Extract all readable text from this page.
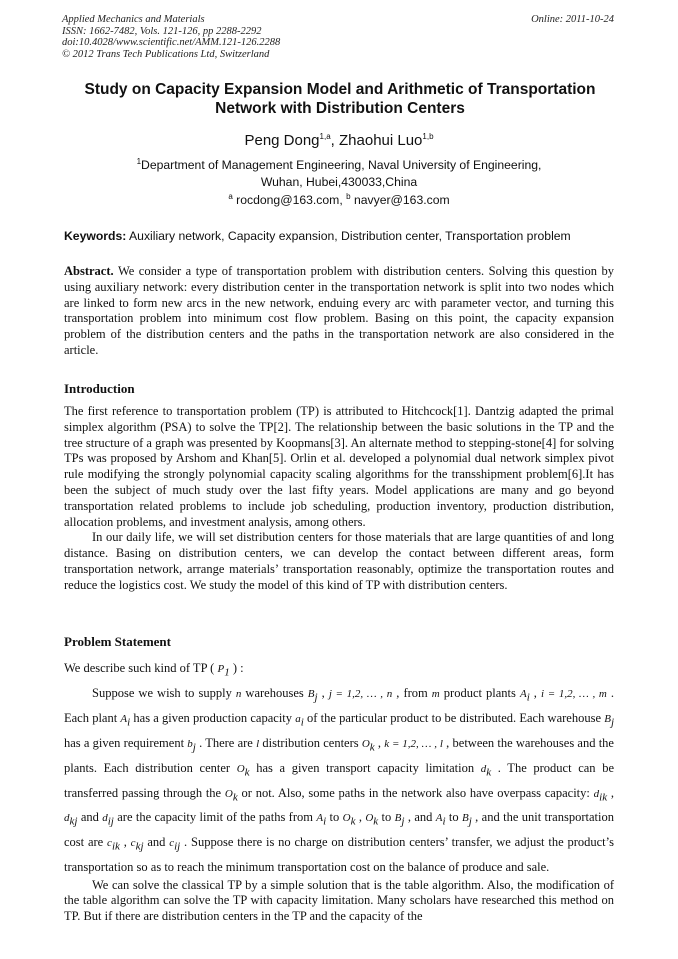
Applied Mechanics and Materials
ISSN: 1662-7482, Vols. 121-126, pp 2288-2292
doi:10.4028/www.scientific.net/AMM.121-126.2288
© 2012 Trans Tech Publications Ltd, Switzerland
Online: 2011-10-24
Study on Capacity Expansion Model and Arithmetic of Transportation Network with Distribution Centers
Peng Dong$^{1,a}$, Zhaohui Luo$^{1,b}$
$^1$Department of Management Engineering, Naval University of Engineering,
Wuhan, Hubei,430033,China
$^a$ rocdong@163.com, $^b$ navyer@163.com
Keywords: Auxiliary network, Capacity expansion, Distribution center, Transportation problem

Abstract. We consider a type of transportation problem with distribution centers. Solving this question by using auxiliary network: every distribution center in the transportation network is split into two nodes which are linked to form new arcs in the new network, enduing every arc with parameter vector, and turning this transportation problem into minimum cost flow problem. Basing on this point, the capacity expansion problem of the distribution centers and the paths in the transportation network are also considered in the article.

Introduction

The first reference to transportation problem (TP) is attributed to Hitchcock[1]. Dantzig adapted the primal simplex algorithm (PSA) to solve the TP[2]. The relationship between the basic solutions in the TP and the tree structure of a graph was presented by Koopmans[3]. An alternate method to stepping-stone[4] for solving TPs was proposed by Arshom and Khan[5]. Orlin et al. developed a polynomial dual network simplex pivot rule modifying the strongly polynomial capacity scaling algorithms for the transshipment problem[6].It has been the subject of much study over the last fifty years. Model applications are many and go beyond transportation related problems to include job scheduling, production inventory, production distribution, allocation problems, and investment analysis, among others.

In our daily life, we will set distribution centers for those materials that are large quantities of and long distance. Basing on distribution centers, we can develop the contact between different areas, form transportation network, arrange materials’ transportation reasonably, optimize the transportation routes and reduce the logistics cost. We study the model of this kind of TP with distribution centers.

Problem Statement

We describe such kind of TP ( $P_1$ ) :

Suppose we wish to supply n warehouses $B_j$ , j = 1,2, … , n , from m product plants $A_i$ , i = 1,2, … , m . Each plant $A_i$ has a given production capacity $a_i$ of the particular product to be distributed. Each warehouse $B_j$ has a given requirement $b_j$ . There are l distribution centers $O_k$ , k = 1,2, … , l , between the warehouses and the plants. Each distribution center $O_k$ has a given transport capacity limitation $d_k$ . The product can be transferred passing through the $O_k$ or not. Also, some paths in the network also have overpass capacity: $d_{ik}$ , $d_{kj}$ and $d_{ij}$ are the capacity limit of the paths from $A_i$ to $O_k$ , $O_k$ to $B_j$ , and $A_i$ to $B_j$ , and the unit transportation cost are $c_{ik}$ , $c_{kj}$ and $c_{ij}$ . Suppose there is no charge on distribution centers’ transfer, we adjust the product’s transportation so as to reach the minimum transportation cost on the balance of produce and sale.

We can solve the classical TP by a simple solution that is the table algorithm. Also, the modification of the table algorithm can solve the TP with capacity limitation. Many scholars have researched this method on TP. But if there are distribution centers in the TP and the capacity of the
